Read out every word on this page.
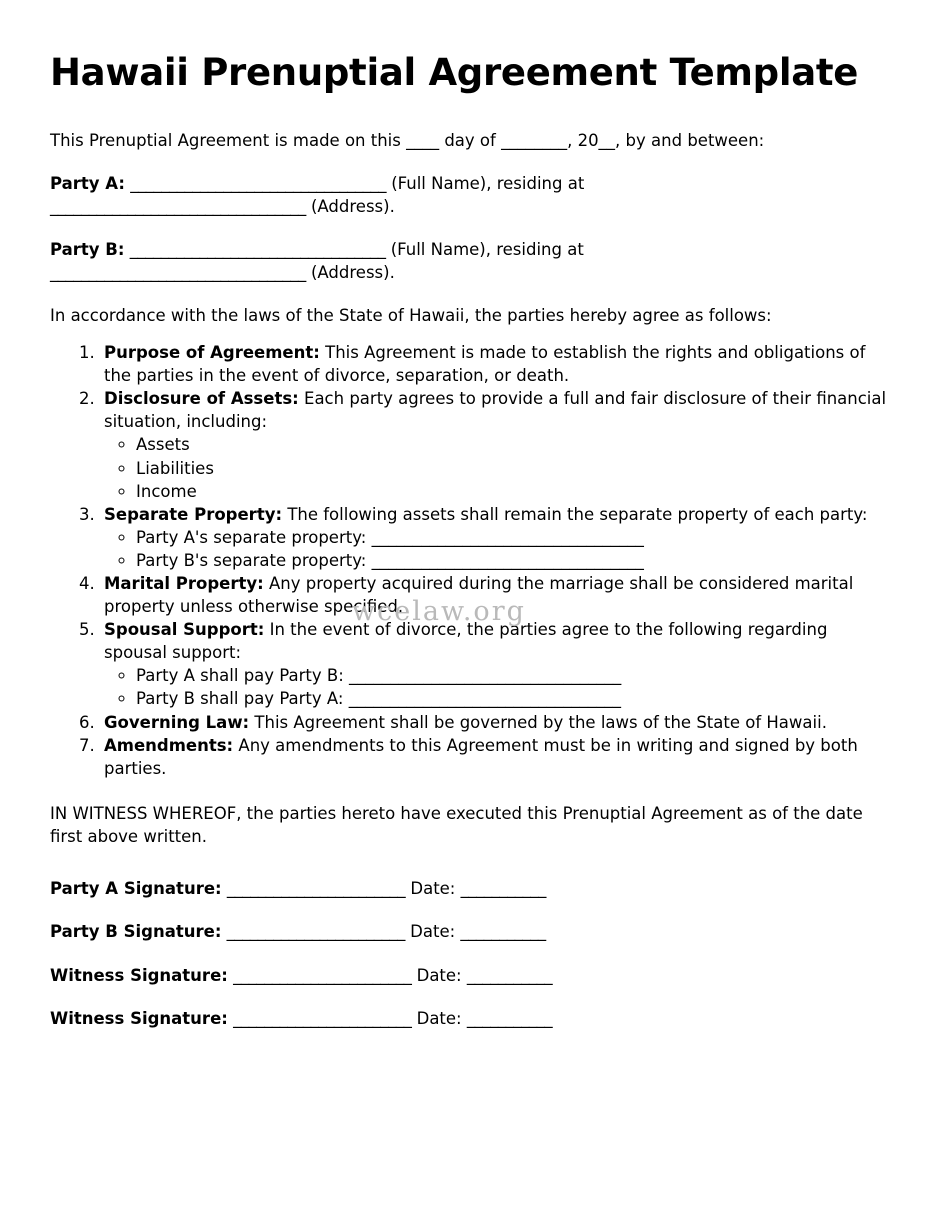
Hawaii Prenuptial Agreement Template

This Prenuptial Agreement is made on this ____ day of ________, 20__, by and between:

Party A: _________________________________ (Full Name), residing at
_________________________________ (Address).

Party B: _________________________________ (Full Name), residing at
_________________________________ (Address).

In accordance with the laws of the State of Hawaii, the parties hereby agree as follows:

1. Purpose of Agreement: This Agreement is made to establish the rights and obligations of the parties in the event of divorce, separation, or death.
2. Disclosure of Assets: Each party agrees to provide a full and fair disclosure of their financial situation, including:
◦ Assets
◦ Liabilities
◦ Income
3. Separate Property: The following assets shall remain the separate property of each party:
◦ Party A's separate property: _________________________________
◦ Party B's separate property: _________________________________
4. Marital Property: Any property acquired during the marriage shall be considered marital property unless otherwise specified.
5. Spousal Support: In the event of divorce, the parties agree to the following regarding spousal support:
◦ Party A shall pay Party B: _________________________________
◦ Party B shall pay Party A: _________________________________
6. Governing Law: This Agreement shall be governed by the laws of the State of Hawaii.
7. Amendments: Any amendments to this Agreement must be in writing and signed by both parties.

IN WITNESS WHEREOF, the parties hereto have executed this Prenuptial Agreement as of the date first above written.

Party A Signature: _______________________ Date: ___________
Party B Signature: _______________________ Date: ___________
Witness Signature: _______________________ Date: ___________
Witness Signature: _______________________ Date: ___________
wcelaw.org
